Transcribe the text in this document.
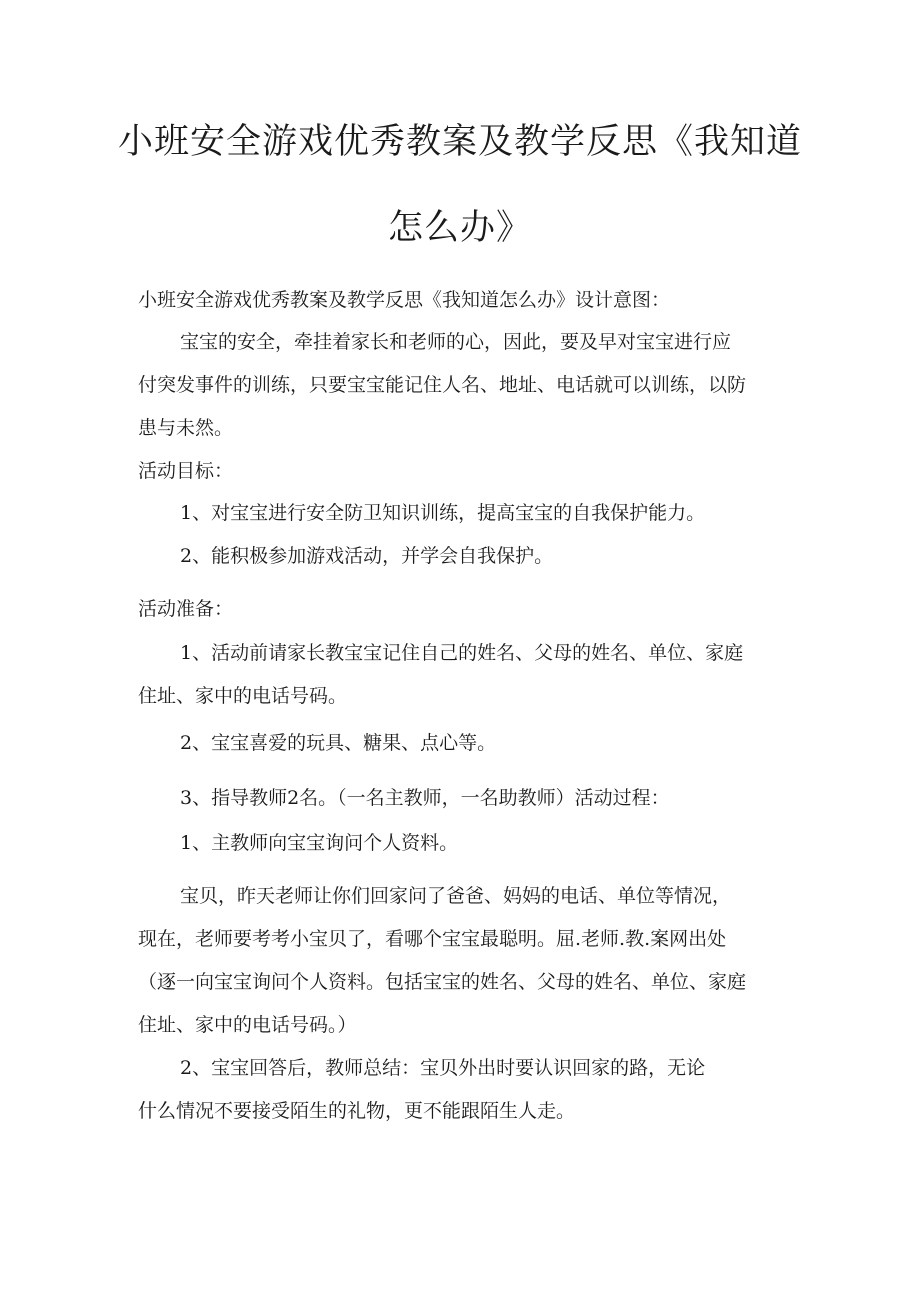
小班安全游戏优秀教案及教学反思《我知道
怎么办》
小班安全游戏优秀教案及教学反思《我知道怎么办》设计意图：
宝宝的安全，牵挂着家长和老师的心，因此，要及早对宝宝进行应
付突发事件的训练，只要宝宝能记住人名、地址、电话就可以训练，以防
患与未然。
活动目标：
1、对宝宝进行安全防卫知识训练，提高宝宝的自我保护能力。
2、能积极参加游戏活动，并学会自我保护。
活动准备：
1、活动前请家长教宝宝记住自己的姓名、父母的姓名、单位、家庭
住址、家中的电话号码。
2、宝宝喜爱的玩具、糖果、点心等。
3、指导教师2名。（一名主教师，一名助教师）活动过程：
1、主教师向宝宝询问个人资料。
宝贝，昨天老师让你们回家问了爸爸、妈妈的电话、单位等情况，
现在，老师要考考小宝贝了，看哪个宝宝最聪明。屈.老师.教.案网出处
（逐一向宝宝询问个人资料。包括宝宝的姓名、父母的姓名、单位、家庭
住址、家中的电话号码。）
2、宝宝回答后，教师总结：宝贝外出时要认识回家的路，无论
什么情况不要接受陌生的礼物，更不能跟陌生人走。
